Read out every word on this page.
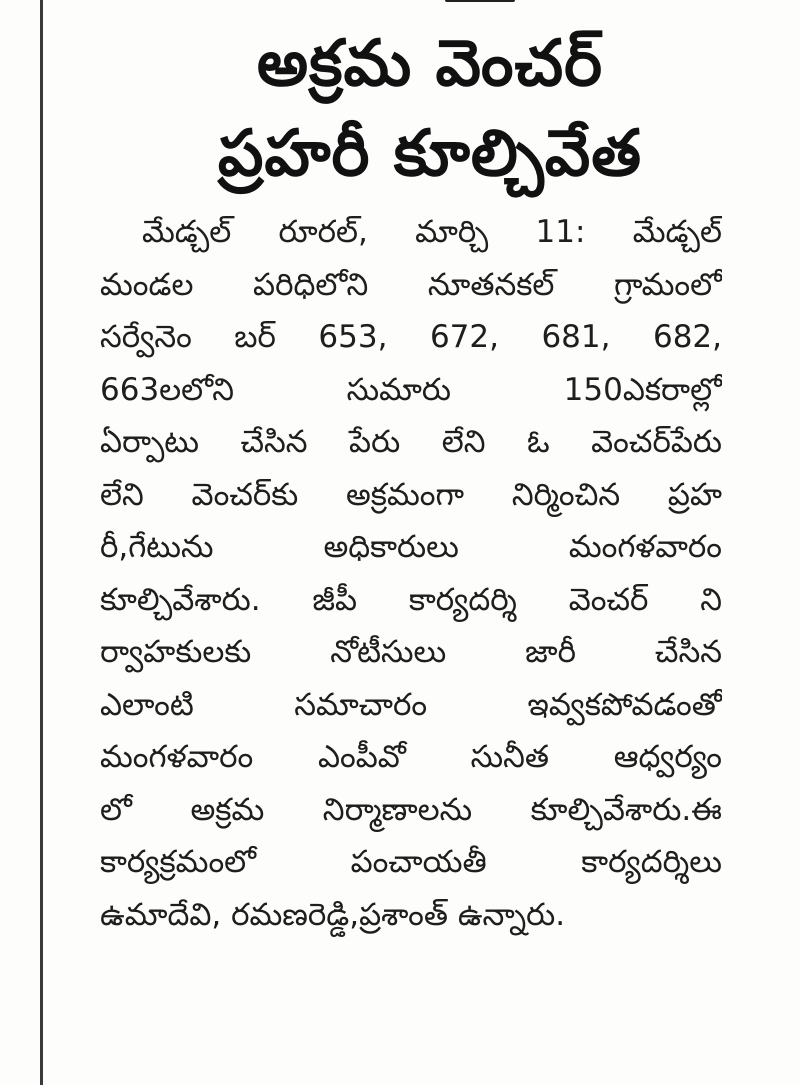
అక్రమ వెంచర్
ప్రహరీ కూల్చివేత
మేడ్చల్ రూరల్, మార్చి 11: మేడ్చల్
మండల పరిధిలోని నూతనకల్ గ్రామంలో
సర్వేనెం బర్ 653, 672, 681, 682,
663లలోని సుమారు 150ఎకరాల్లో
ఏర్పాటు చేసిన పేరు లేని ఓ వెంచర్‌పేరు
లేని వెంచర్‌కు అక్రమంగా నిర్మించిన ప్రహ
రీ,గేటును అధికారులు మంగళవారం
కూల్చివేశారు. జీపీ కార్యదర్శి వెంచర్ ని
ర్వాహకులకు నోటీసులు జారీ చేసిన
ఎలాంటి సమాచారం ఇవ్వకపోవడంతో
మంగళవారం ఎంపీవో సునీత ఆధ్వర్యం
లో అక్రమ నిర్మాణాలను కూల్చివేశారు.ఈ
కార్యక్రమంలో పంచాయతీ కార్యదర్శిలు
ఉమాదేవి, రమణరెడ్డి,ప్రశాంత్ ఉన్నారు.
